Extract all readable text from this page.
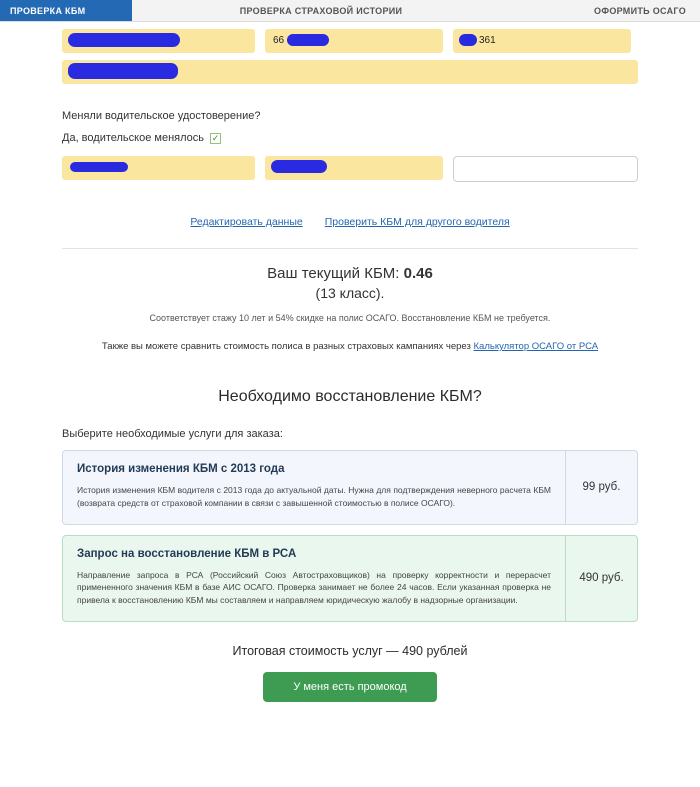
ПРОВЕРКА КБМ	ПРОВЕРКА СТРАХОВОЙ ИСТОРИИ	ОФОРМИТЬ ОСАГО
66	361
Меняли водительское удостоверение?
Да, водительское менялось ✓
Редактировать данные Проверить КБМ для другого водителя
Ваш текущий КБМ: 0.46
(13 класс).
Соответствует стажу 10 лет и 54% скидке на полис ОСАГО. Восстановление КБМ не требуется.
Также вы можете сравнить стоимость полиса в разных страховых кампаниях через Калькулятор ОСАГО от РСА
Необходимо восстановление КБМ?
Выберите необходимые услуги для заказа:
История изменения КБМ с 2013 года
История изменения КБМ водителя с 2013 года до актуальной даты. Нужна для подтверждения неверного расчета КБМ (возврата средств от страховой компании в связи с завышенной стоимостью в полисе ОСАГО).
99 руб.
Запрос на восстановление КБМ в РСА
Направление запроса в РСА (Российский Союз Автостраховщиков) на проверку корректности и перерасчет примененного значения КБМ в базе АИС ОСАГО. Проверка занимает не более 24 часов. Если указанная проверка не привела к восстановлению КБМ мы составляем и направляем юридическую жалобу в надзорные организации.
490 руб.
Итоговая стоимость услуг — 490 рублей
У меня есть промокод
